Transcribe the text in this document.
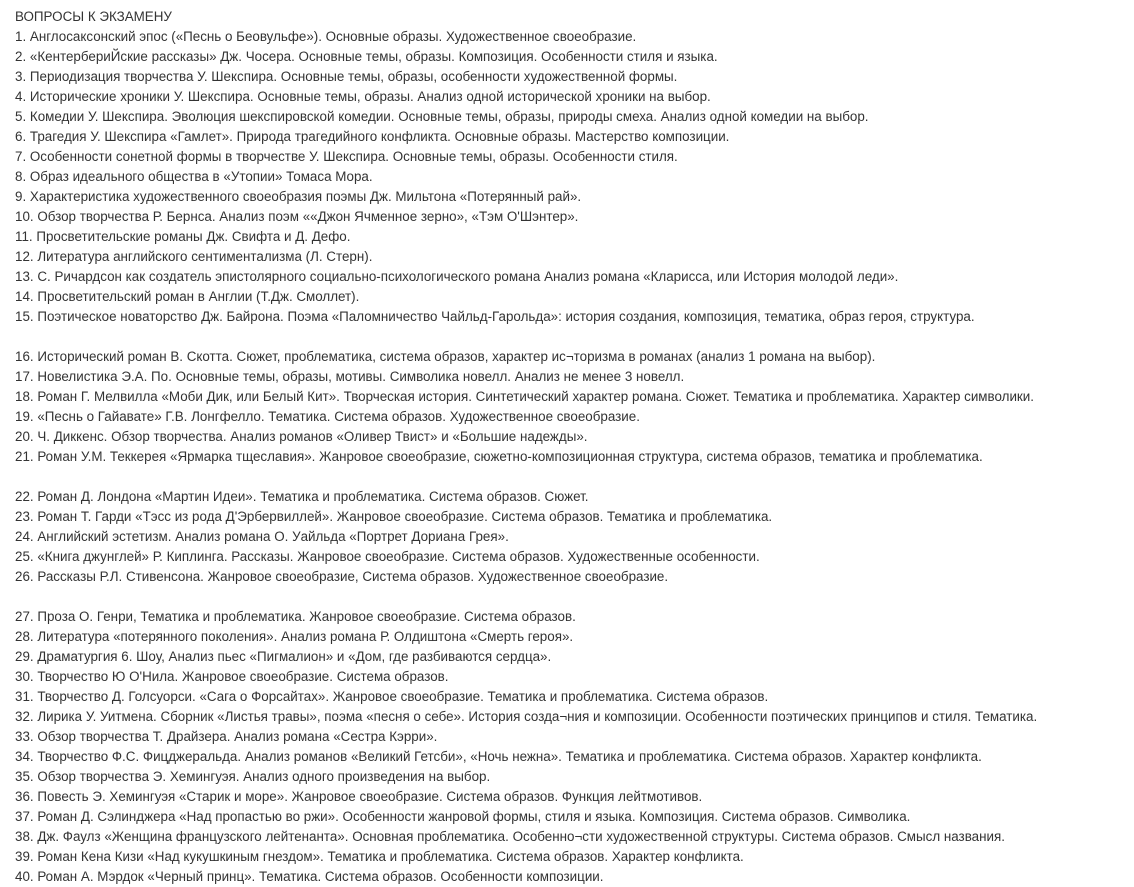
ВОПРОСЫ К ЭКЗАМЕНУ
1. Англосаксонский эпос («Песнь о Беовульфе»). Основные образы. Художественное своеобразие.
2. «КентербериЙские рассказы» Дж. Чосера. Основные темы, образы. Композиция. Особенности стиля и языка.
3. Периодизация творчества У. Шекспира. Основные темы, образы, особенности художественной формы.
4. Исторические хроники У. Шекспира. Основные темы, образы. Анализ одной исторической хроники на выбор.
5. Комедии У. Шекспира. Эволюция шекспировской комедии. Основные темы, образы, природы смеха. Анализ одной комедии на выбор.
6. Трагедия У. Шекспира «Гамлет». Природа трагедийного конфликта. Основные образы. Мастерство композиции.
7. Особенности сонетной формы в творчестве У. Шекспира. Основные темы, образы. Особенности стиля.
8. Образ идеального общества в «Утопии» Томаса Мора.
9. Характеристика художественного своеобразия поэмы Дж. Мильтона «Потерянный рай».
10. Обзор творчества Р. Бернса. Анализ поэм ««Джон Ячменное зерно», «Тэм О'Шэнтер».
11. Просветительские романы Дж. Свифта и Д. Дефо.
12. Литература английского сентиментализма (Л. Стерн).
13. С. Ричардсон как создатель эпистолярного социально-психологического романа Анализ романа «Кларисса, или История молодой леди».
14. Просветительский роман в Англии (Т.Дж. Смоллет).
15. Поэтическое новаторство Дж. Байрона. Поэма «Паломничество Чайльд-Гарольда»: история создания, композиция, тематика, образ героя, структура.
16. Исторический роман В. Скотта. Сюжет, проблематика, система образов, характер ис¬торизма в романах (анализ 1 романа на выбор).
17. Новелистика Э.А. По. Основные темы, образы, мотивы. Символика новелл. Анализ не менее 3 новелл.
18. Роман Г. Мелвилла «Моби Дик, или Белый Кит». Творческая история. Синтетический характер романа. Сюжет. Тематика и проблематика. Характер символики.
19. «Песнь о Гайавате» Г.В. Лонгфелло. Тематика. Система образов. Художественное своеобразие.
20. Ч. Диккенс. Обзор творчества. Анализ романов «Оливер Твист» и «Большие надежды».
21. Роман У.М. Теккерея «Ярмарка тщеславия». Жанровое своеобразие, сюжетно-композиционная структура, система образов, тематика и проблематика.
22. Роман Д. Лондона «Мартин Идеи». Тематика и проблематика. Система образов. Сюжет.
23. Роман Т. Гарди «Тэсс из рода Д'Эрбервиллей». Жанровое своеобразие. Система образов. Тематика и проблематика.
24. Английский эстетизм. Анализ романа О. Уайльда «Портрет Дориана Грея».
25. «Книга джунглей» Р. Киплинга. Рассказы. Жанровое своеобразие. Система образов. Художественные особенности.
26. Рассказы Р.Л. Стивенсона. Жанровое своеобразие, Система образов. Художественное своеобразие.
27. Проза О. Генри, Тематика и проблематика. Жанровое своеобразие. Система образов.
28. Литература «потерянного поколения». Анализ романа Р. Олдиштона «Смерть героя».
29. Драматургия 6. Шоу, Анализ пьес «Пигмалион» и «Дом, где разбиваются сердца».
30. Творчество Ю О'Нила. Жанровое своеобразие. Система образов.
31. Творчество Д. Голсуорси. «Сага о Форсайтах». Жанровое своеобразие. Тематика и проблематика. Система образов.
32. Лирика У. Уитмена. Сборник «Листья травы», поэма «песня о себе». История созда¬ния и композиции. Особенности поэтических принципов и стиля. Тематика.
33. Обзор творчества Т. Драйзера. Анализ романа «Сестра Кэрри».
34. Творчество Ф.С. Фицджеральда. Анализ романов «Великий Гетсби», «Ночь нежна». Тематика и проблематика. Система образов. Характер конфликта.
35. Обзор творчества Э. Хемингуэя. Анализ одного произведения на выбор.
36. Повесть Э. Хемингуэя «Старик и море». Жанровое своеобразие. Система образов. Функция лейтмотивов.
37. Роман Д. Сэлинджера «Над пропастью во ржи». Особенности жанровой формы, стиля и языка. Композиция. Система образов. Символика.
38. Дж. Фаулз «Женщина французского лейтенанта». Основная проблематика. Особенно¬сти художественной структуры. Система образов. Смысл названия.
39. Роман Кена Кизи «Над кукушкиным гнездом». Тематика и проблематика. Система образов. Характер конфликта.
40. Роман А. Мэрдок «Черный принц». Тематика. Система образов. Особенности композиции.
